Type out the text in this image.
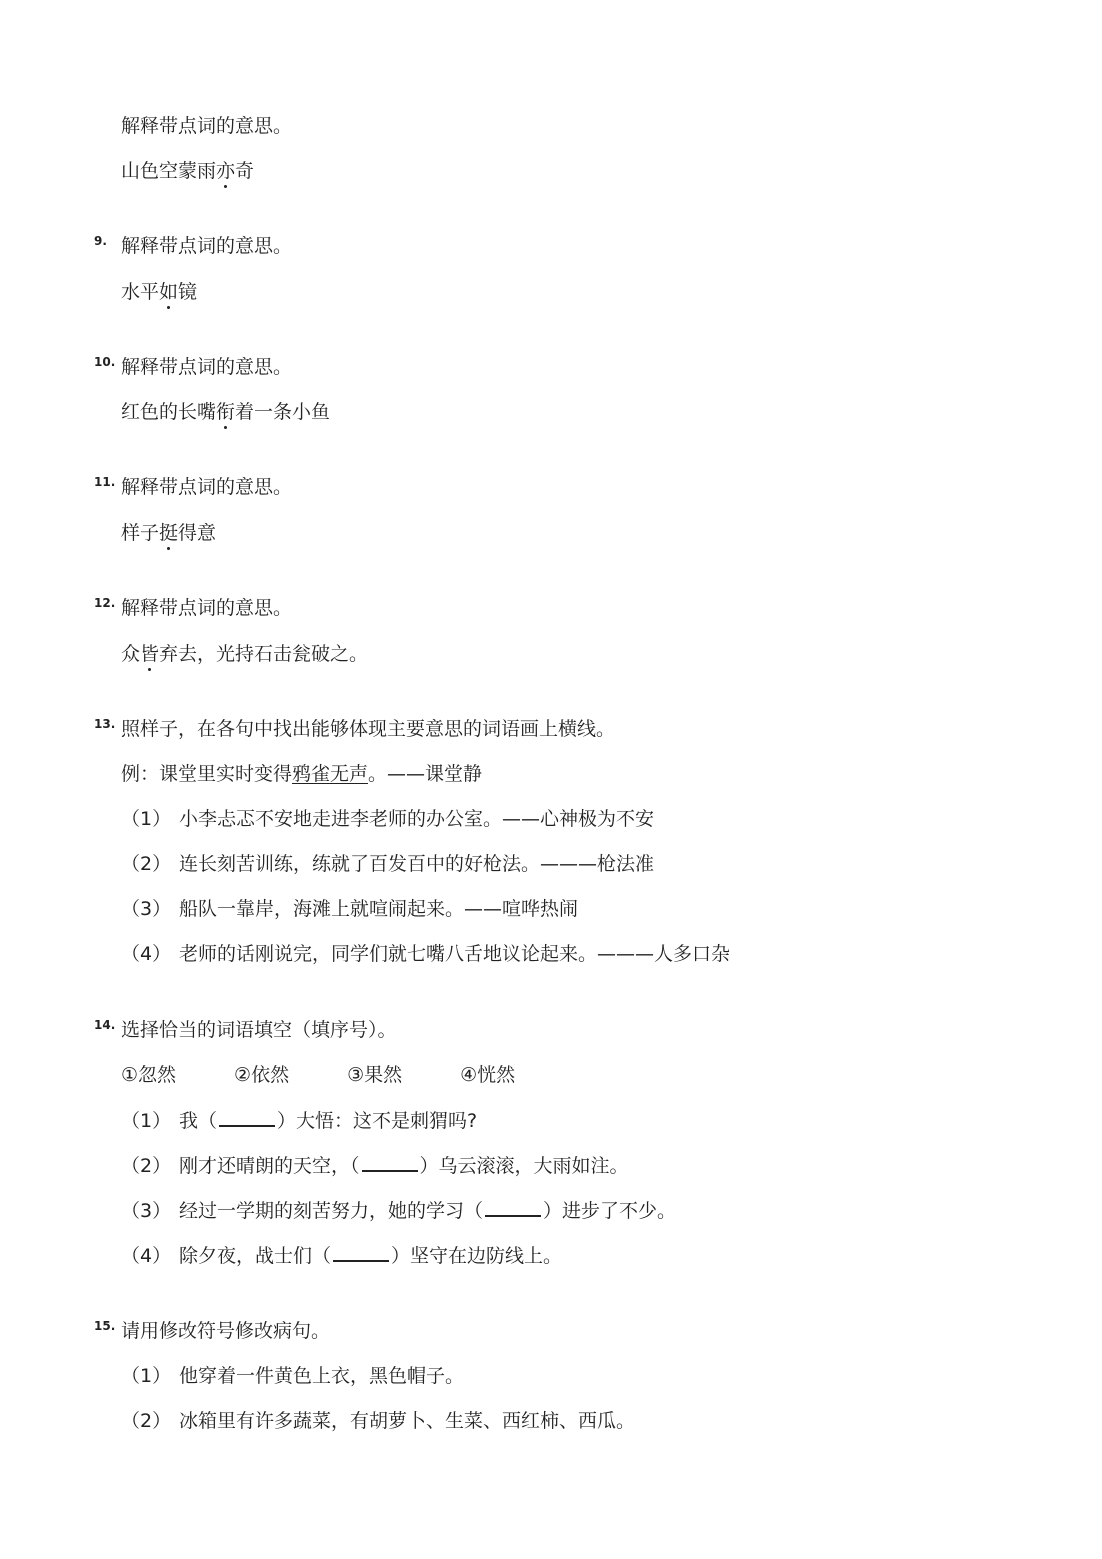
解释带点词的意思。
山色空蒙雨亦奇
9. 解释带点词的意思。
水平如镜
10. 解释带点词的意思。
红色的长嘴衔着一条小鱼
11. 解释带点词的意思。
样子挺得意
12. 解释带点词的意思。
众皆弃去，光持石击瓮破之。
13. 照样子，在各句中找出能够体现主要意思的词语画上横线。
例：课堂里实时变得鸦雀无声。——课堂静
（1） 小李忐忑不安地走进李老师的办公室。——心神极为不安
（2） 连长刻苦训练，练就了百发百中的好枪法。———枪法准
（3） 船队一靠岸，海滩上就喧闹起来。——喧哗热闹
（4） 老师的话刚说完，同学们就七嘴八舌地议论起来。———人多口杂
14. 选择恰当的词语填空（填序号）。
①忽然	②依然	③果然	④恍然
（1） 我（	）大悟：这不是刺猬吗?
（2） 刚才还晴朗的天空，（	）乌云滚滚，大雨如注。
（3） 经过一学期的刻苦努力，她的学习（	）进步了不少。
（4） 除夕夜，战士们（	）坚守在边防线上。
15. 请用修改符号修改病句。
（1） 他穿着一件黄色上衣，黑色帽子。
（2） 冰箱里有许多蔬菜，有胡萝卜、生菜、西红柿、西瓜。
